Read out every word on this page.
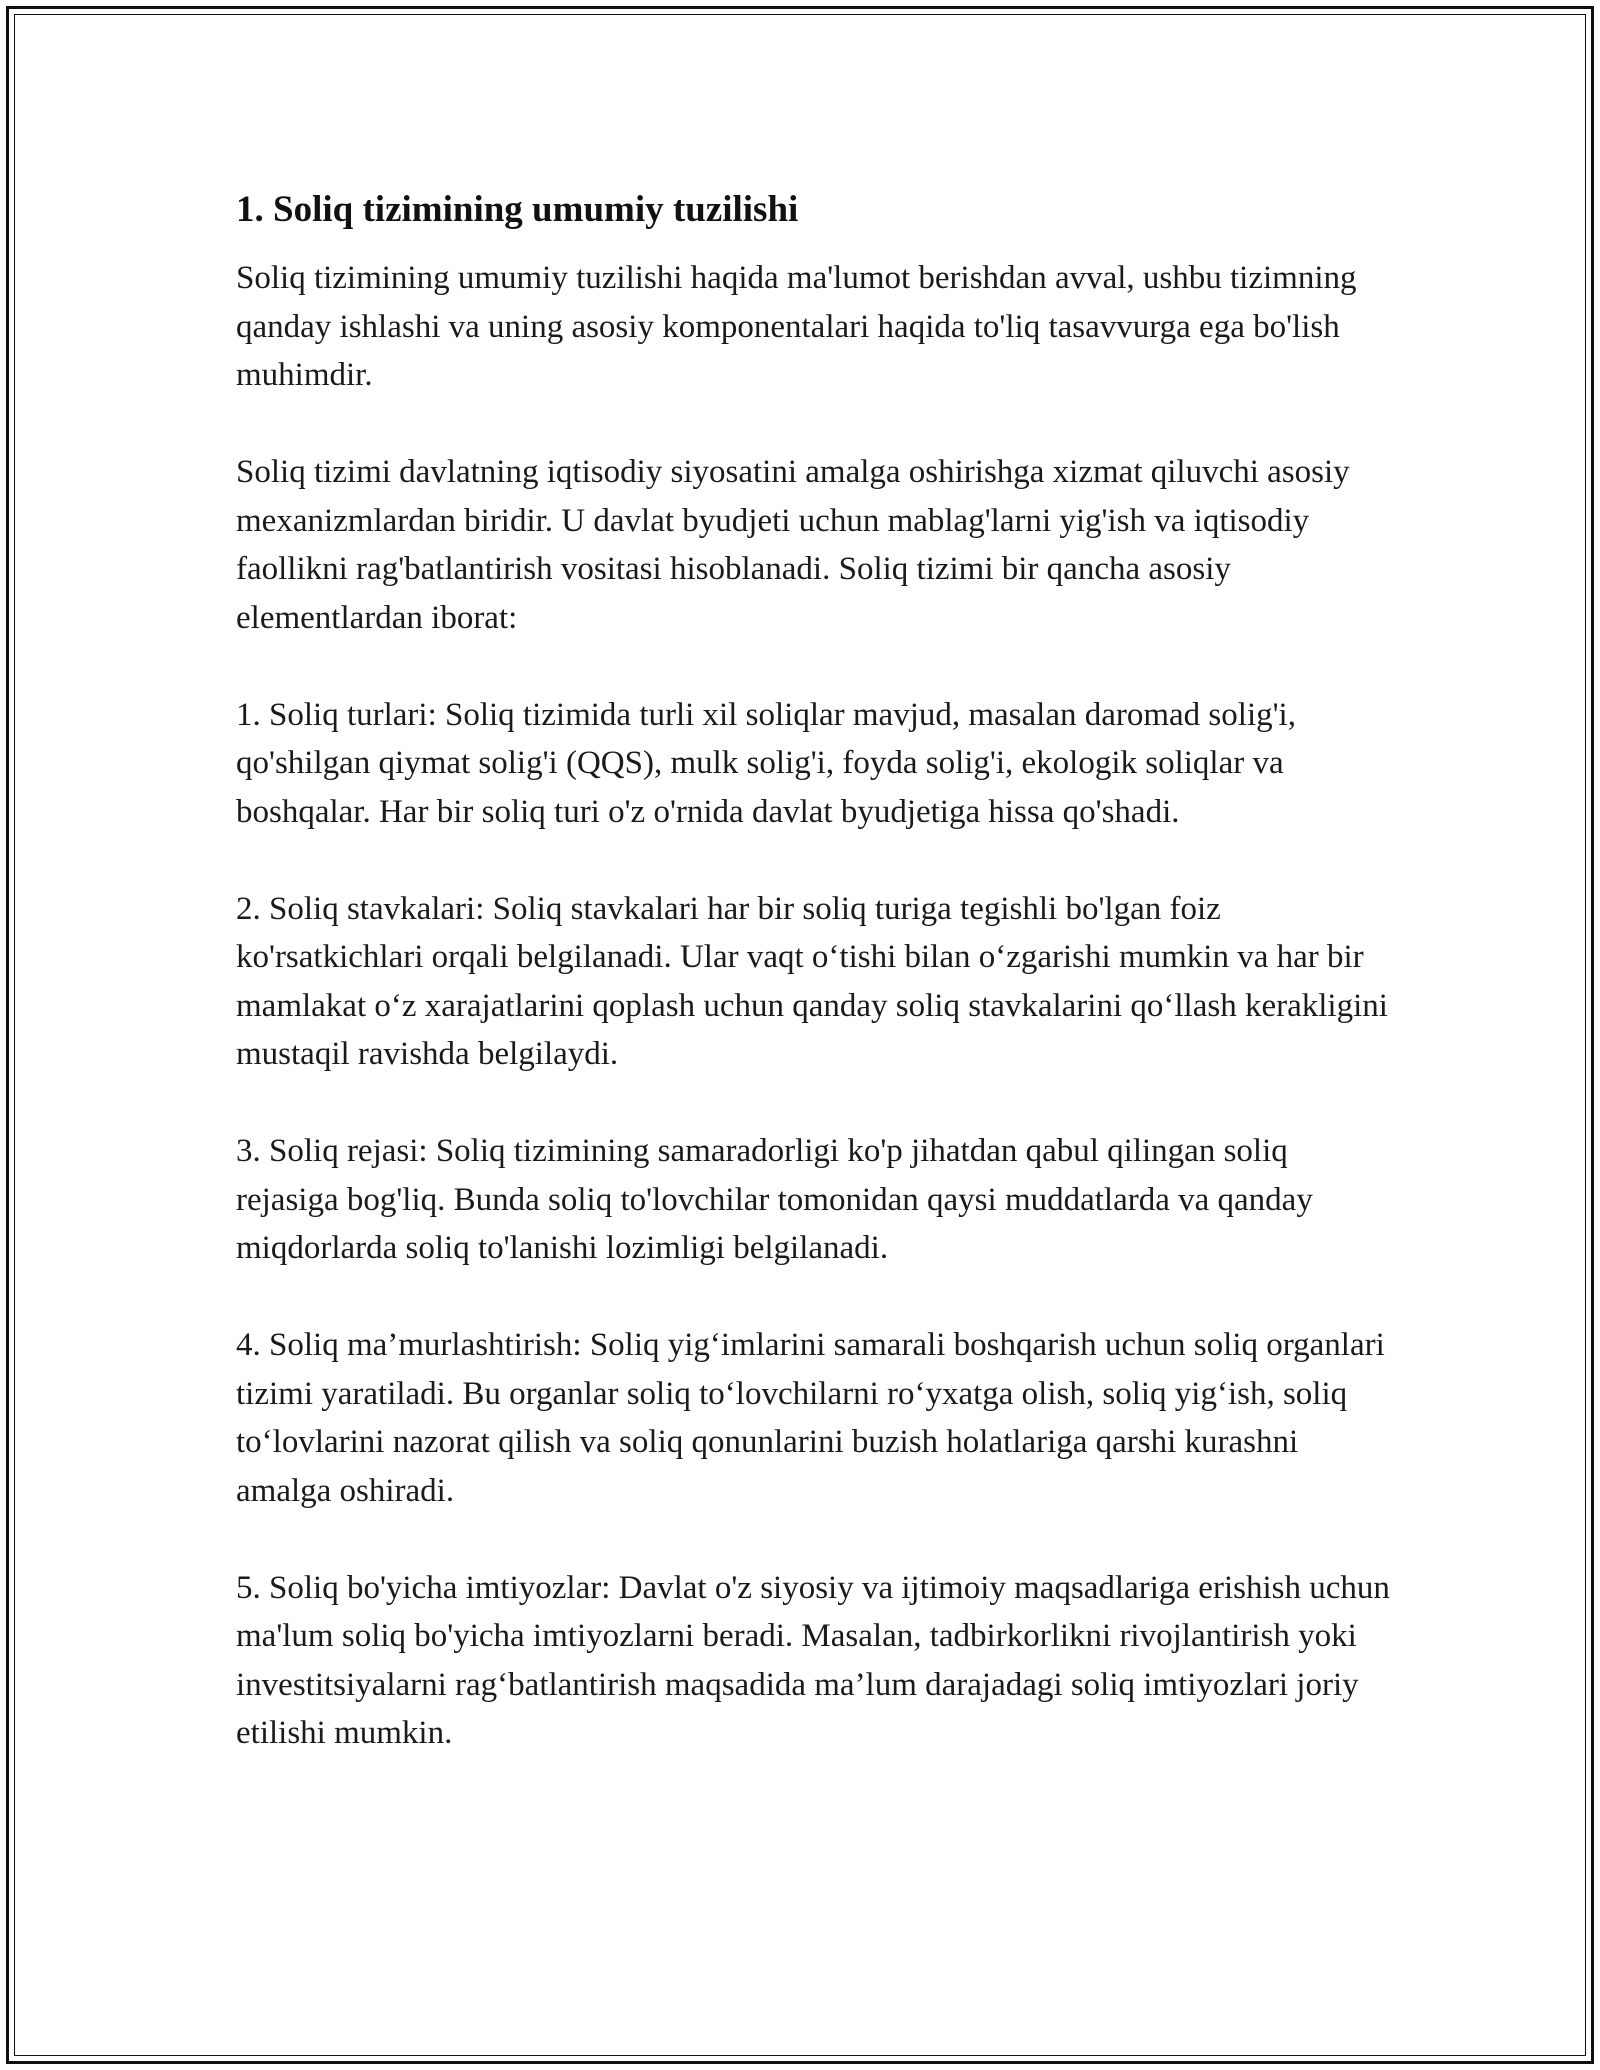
1. Soliq tizimining umumiy tuzilishi

Soliq tizimining umumiy tuzilishi haqida ma'lumot berishdan avval, ushbu tizimning qanday ishlashi va uning asosiy komponentalari haqida to'liq tasavvurga ega bo'lish muhimdir.

Soliq tizimi davlatning iqtisodiy siyosatini amalga oshirishga xizmat qiluvchi asosiy mexanizmlardan biridir. U davlat byudjeti uchun mablag'larni yig'ish va iqtisodiy faollikni rag'batlantirish vositasi hisoblanadi. Soliq tizimi bir qancha asosiy elementlardan iborat:

1. Soliq turlari: Soliq tizimida turli xil soliqlar mavjud, masalan daromad solig'i, qo'shilgan qiymat solig'i (QQS), mulk solig'i, foyda solig'i, ekologik soliqlar va boshqalar. Har bir soliq turi o'z o'rnida davlat byudjetiga hissa qo'shadi.

2. Soliq stavkalari: Soliq stavkalari har bir soliq turiga tegishli bo'lgan foiz ko'rsatkichlari orqali belgilanadi. Ular vaqt o‘tishi bilan o‘zgarishi mumkin va har bir mamlakat o‘z xarajatlarini qoplash uchun qanday soliq stavkalarini qo‘llash kerakligini mustaqil ravishda belgilaydi.

3. Soliq rejasi: Soliq tizimining samaradorligi ko'p jihatdan qabul qilingan soliq rejasiga bog'liq. Bunda soliq to'lovchilar tomonidan qaysi muddatlarda va qanday miqdorlarda soliq to'lanishi lozimligi belgilanadi.

4. Soliq ma’murlashtirish: Soliq yig‘imlarini samarali boshqarish uchun soliq organlari tizimi yaratiladi. Bu organlar soliq to‘lovchilarni ro‘yxatga olish, soliq yig‘ish, soliq to‘lovlarini nazorat qilish va soliq qonunlarini buzish holatlariga qarshi kurashni amalga oshiradi.

5. Soliq bo'yicha imtiyozlar: Davlat o'z siyosiy va ijtimoiy maqsadlariga erishish uchun ma'lum soliq bo'yicha imtiyozlarni beradi. Masalan, tadbirkorlikni rivojlantirish yoki investitsiyalarni rag‘batlantirish maqsadida ma’lum darajadagi soliq imtiyozlari joriy etilishi mumkin.
